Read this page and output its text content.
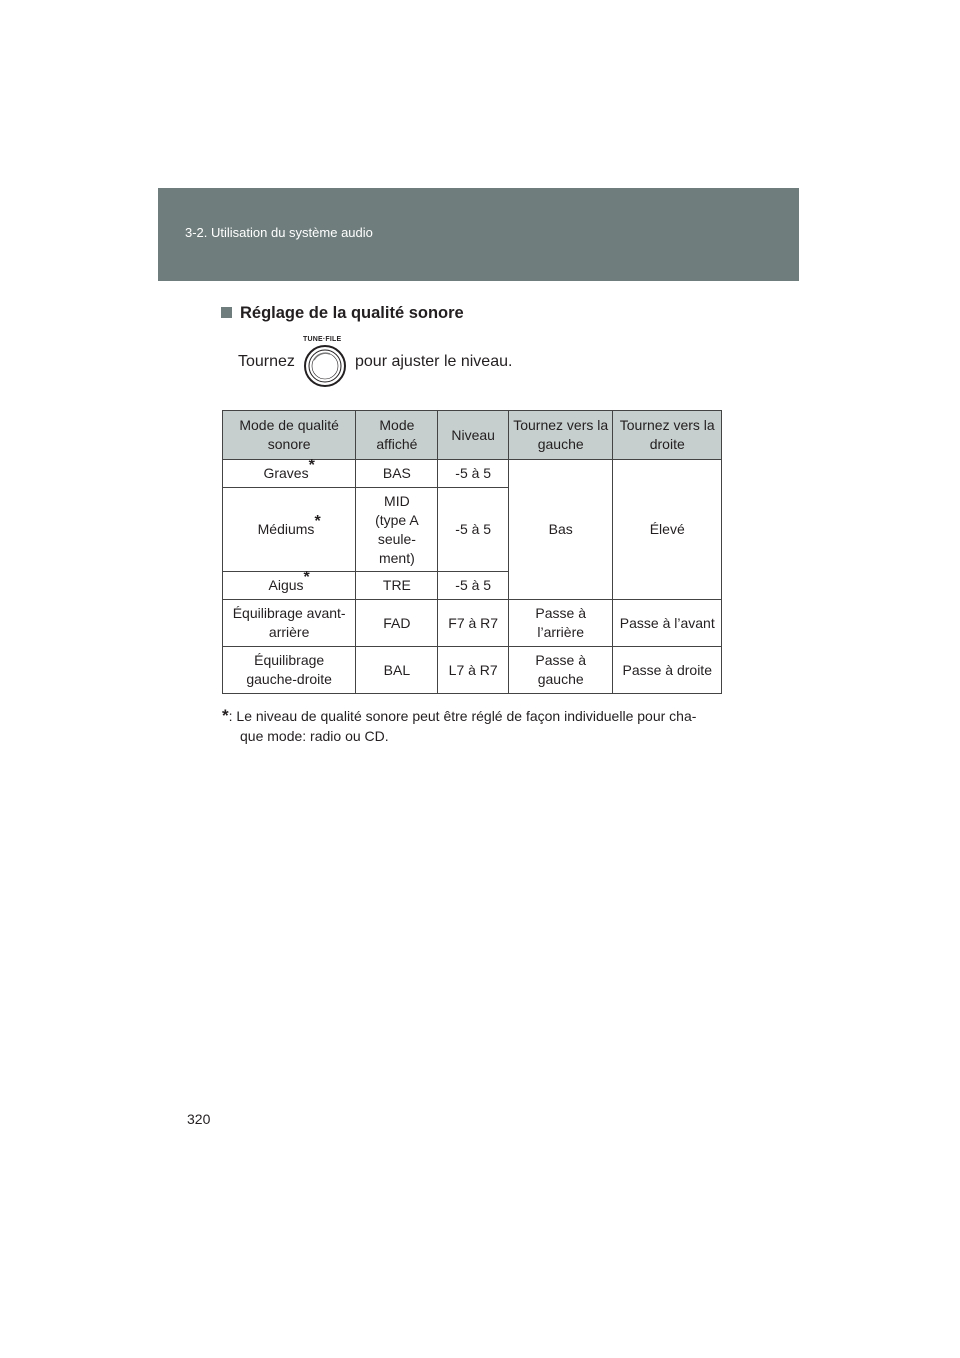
3-2. Utilisation du système audio
Réglage de la qualité sonore
Tournez
TUNE·FILE
pour ajuster le niveau.
Mode de qualité sonore	Mode affiché	Niveau	Tournez vers la gauche	Tournez vers la droite
Graves*	BAS	-5 à 5	Bas	Élevé
Médiums*	MID
(type A
seule-
ment)	-5 à 5		
Aigus*	TRE	-5 à 5		
Équilibrage avant-arrière	FAD	F7 à R7	Passe à l’arrière	Passe à l’avant
Équilibrage gauche-droite	BAL	L7 à R7	Passe à gauche	Passe à droite
*: Le niveau de qualité sonore peut être réglé de façon individuelle pour cha-
que mode: radio ou CD.
320
